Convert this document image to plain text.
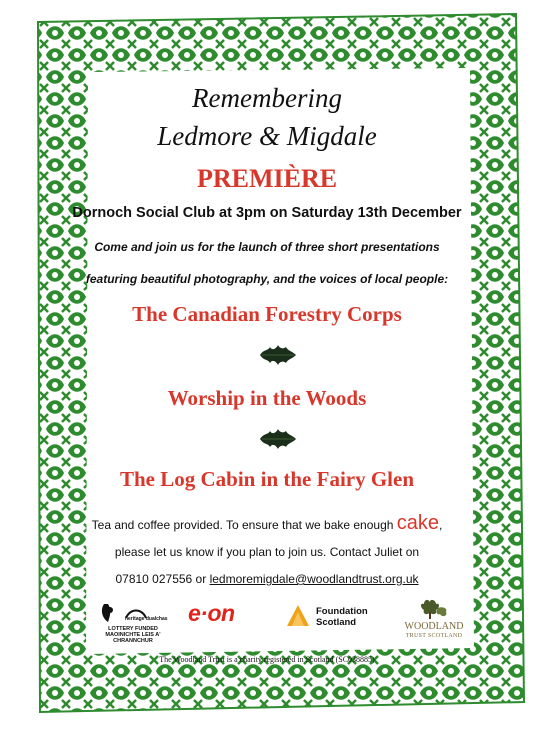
Remembering
Ledmore & Migdale
PREMIÈRE
Dornoch Social Club at 3pm on Saturday 13th December
Come and join us for the launch of three short presentations
featuring beautiful photography, and the voices of local people:
The Canadian Forestry Corps
Worship in the Woods
The Log Cabin in the Fairy Glen
Tea and coffee provided. To ensure that we bake enough cake,
please let us know if you plan to join us. Contact Juliet on
07810 027556 or ledmoremigdale@woodlandtrust.org.uk
heritage dualchas
LOTTERY FUNDED MAOINICHTE LEIS A' CHRANNCHUR
e·on	Foundation
Scotland	WOODLAND
TRUST SCOTLAND
The Woodland Trust is a charity registered in Scotland (SC038885)
